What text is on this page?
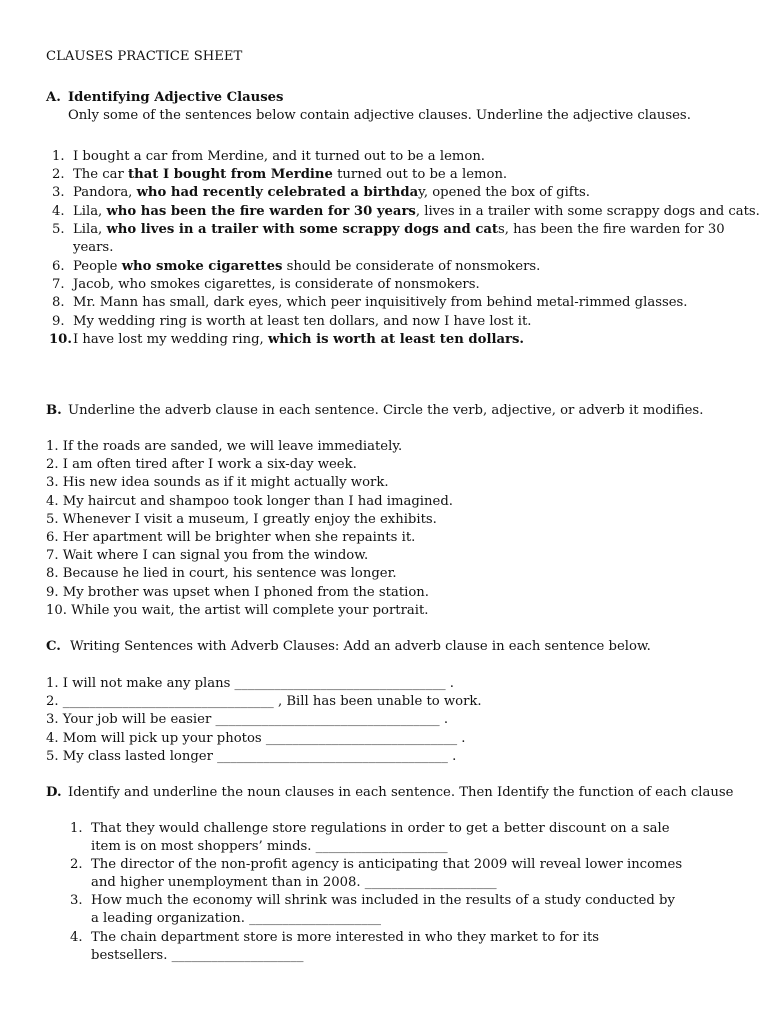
CLAUSES PRACTICE SHEET
A. Identifying Adjective Clauses
Only some of the sentences below contain adjective clauses. Underline the adjective clauses.
1. I bought a car from Merdine, and it turned out to be a lemon.
2. The car that I bought from Merdine turned out to be a lemon.
3. Pandora, who had recently celebrated a birthday, opened the box of gifts.
4. Lila, who has been the fire warden for 30 years, lives in a trailer with some scrappy dogs and cats.
5. Lila, who lives in a trailer with some scrappy dogs and cats, has been the fire warden for 30
years.
6. People who smoke cigarettes should be considerate of nonsmokers.
7. Jacob, who smokes cigarettes, is considerate of nonsmokers.
8. Mr. Mann has small, dark eyes, which peer inquisitively from behind metal-rimmed glasses.
9. My wedding ring is worth at least ten dollars, and now I have lost it.
10. I have lost my wedding ring, which is worth at least ten dollars.
B. Underline the adverb clause in each sentence. Circle the verb, adjective, or adverb it modifies.
1. If the roads are sanded, we will leave immediately.
2. I am often tired after I work a six-day week.
3. His new idea sounds as if it might actually work.
4. My haircut and shampoo took longer than I had imagined.
5. Whenever I visit a museum, I greatly enjoy the exhibits.
6. Her apartment will be brighter when she repaints it.
7. Wait where I can signal you from the window.
8. Because he lied in court, his sentence was longer.
9. My brother was upset when I phoned from the station.
10. While you wait, the artist will complete your portrait.
C. Writing Sentences with Adverb Clauses: Add an adverb clause in each sentence below.
1. I will not make any plans ________________________________ .
2. ________________________________ , Bill has been unable to work.
3. Your job will be easier __________________________________ .
4. Mom will pick up your photos _____________________________ .
5. My class lasted longer ___________________________________ .
D. Identify and underline the noun clauses in each sentence. Then Identify the function of each clause
1. That they would challenge store regulations in order to get a better discount on a sale
item is on most shoppers’ minds. ____________________
2. The director of the non-profit agency is anticipating that 2009 will reveal lower incomes
and higher unemployment than in 2008. ____________________
3. How much the economy will shrink was included in the results of a study conducted by
a leading organization. ____________________
4. The chain department store is more interested in who they market to for its
bestsellers. ____________________
